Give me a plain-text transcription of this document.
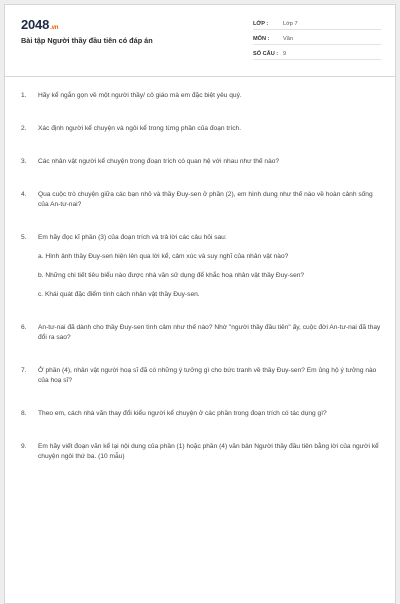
2048.vn
Bài tập Người thầy đầu tiên có đáp án
LỚP :	Lớp 7
MÔN :	Văn
SỐ CÂU : 9
1.	Hãy kể ngắn gọn về một người thầy/ cô giáo mà em đặc biệt yêu quý.
2.	Xác định người kể chuyện và ngôi kể trong từng phần của đoạn trích.
3.	Các nhân vật người kể chuyện trong đoạn trích có quan hệ với nhau như thế nào?
4.	Qua cuộc trò chuyện giữa các bạn nhỏ và thầy Đuy-sen ở phần (2), em hình dung như thế nào về hoàn cảnh sống của An-tư-nai?
5.	Em hãy đọc kĩ phần (3) của đoạn trích và trả lời các câu hỏi sau:
a. Hình ảnh thầy Đuy-sen hiện lên qua lời kể, cảm xúc và suy nghĩ của nhân vật nào?
b. Những chi tiết tiêu biểu nào được nhà văn sử dụng để khắc hoạ nhân vật thầy Đuy-sen?
c. Khái quát đặc điểm tính cách nhân vật thầy Đuy-sen.
6.	An-tư-nai đã dành cho thầy Đuy-sen tình cảm như thế nào? Nhờ "người thầy đầu tiên" ấy, cuộc đời An-tư-nai đã thay đổi ra sao?
7.	Ở phần (4), nhân vật người hoạ sĩ đã có những ý tưởng gì cho bức tranh về thầy Đuy-sen? Em ủng hộ ý tưởng nào của hoạ sĩ?
8.	Theo em, cách nhà văn thay đổi kiểu người kể chuyện ở các phần trong đoạn trích có tác dụng gì?
9.	Em hãy viết đoạn văn kể lại nội dung của phần (1) hoặc phần (4) văn bản Người thầy đầu tiên bằng lời của người kể chuyện ngôi thứ ba. (10 mẫu)
